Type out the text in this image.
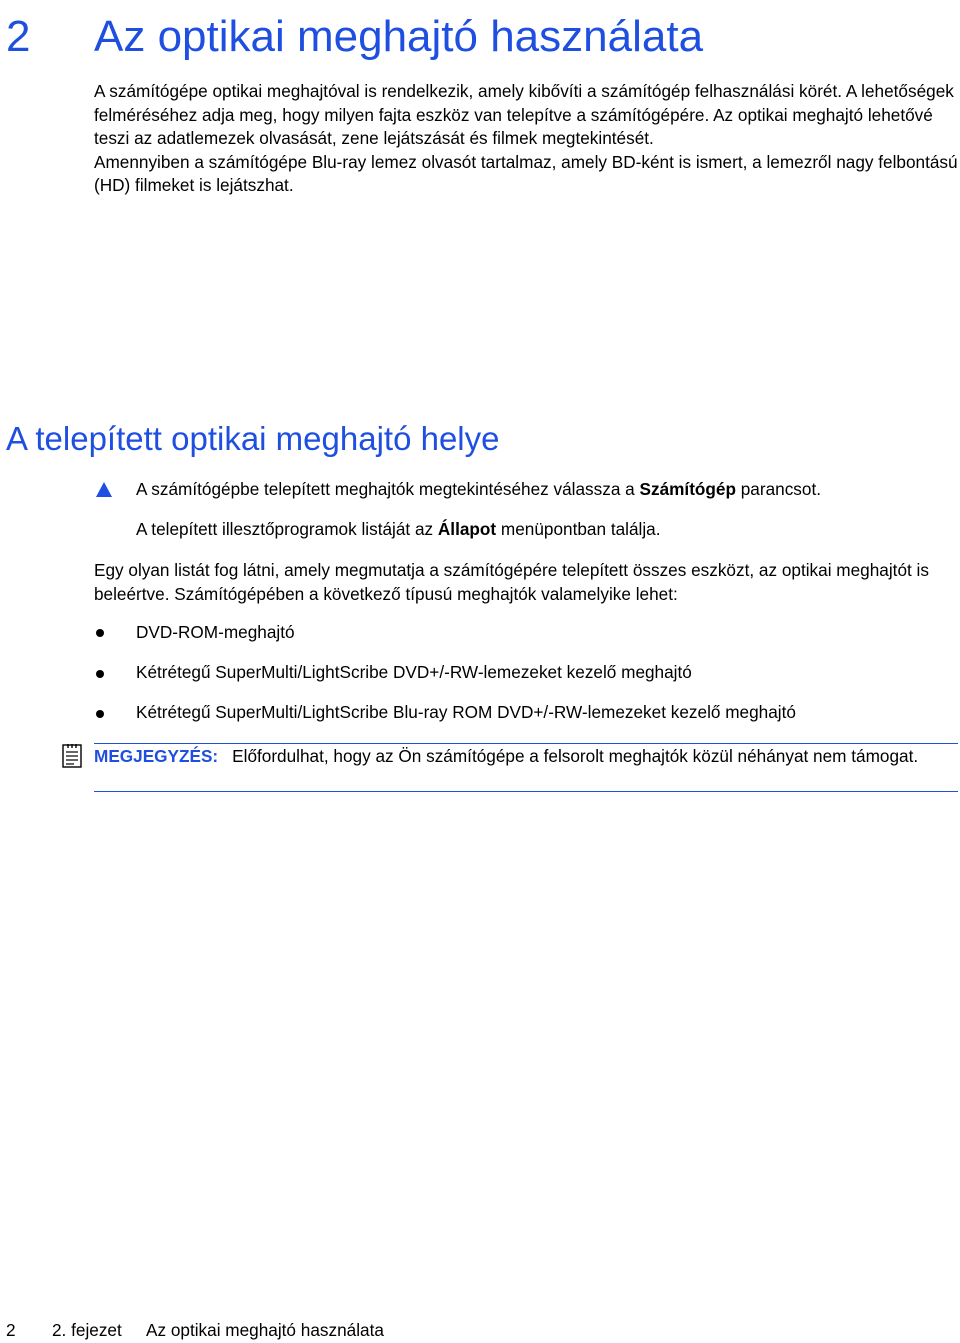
2 Az optikai meghajtó használata

A számítógépe optikai meghajtóval is rendelkezik, amely kibővíti a számítógép felhasználási körét. A lehetőségek felméréséhez adja meg, hogy milyen fajta eszköz van telepítve a számítógépére. Az optikai meghajtó lehetővé teszi az adatlemezek olvasását, zene lejátszását és filmek megtekintését.

Amennyiben a számítógépe Blu-ray lemez olvasót tartalmaz, amely BD-ként is ismert, a lemezről nagy felbontású (HD) filmeket is lejátszhat.

A telepített optikai meghajtó helye
A számítógépbe telepített meghajtók megtekintéséhez válassza a Számítógép parancsot.
A telepített illesztőprogramok listáját az Állapot menüpontban találja.
Egy olyan listát fog látni, amely megmutatja a számítógépére telepített összes eszközt, az optikai meghajtót is beleértve. Számítógépében a következő típusú meghajtók valamelyike lehet:
DVD-ROM-meghajtó
Kétrétegű SuperMulti/LightScribe DVD+/-RW-lemezeket kezelő meghajtó
Kétrétegű SuperMulti/LightScribe Blu-ray ROM DVD+/-RW-lemezeket kezelő meghajtó
MEGJEGYZÉS: Előfordulhat, hogy az Ön számítógépe a felsorolt meghajtók közül néhányat nem támogat.
2 2. fejezet Az optikai meghajtó használata
